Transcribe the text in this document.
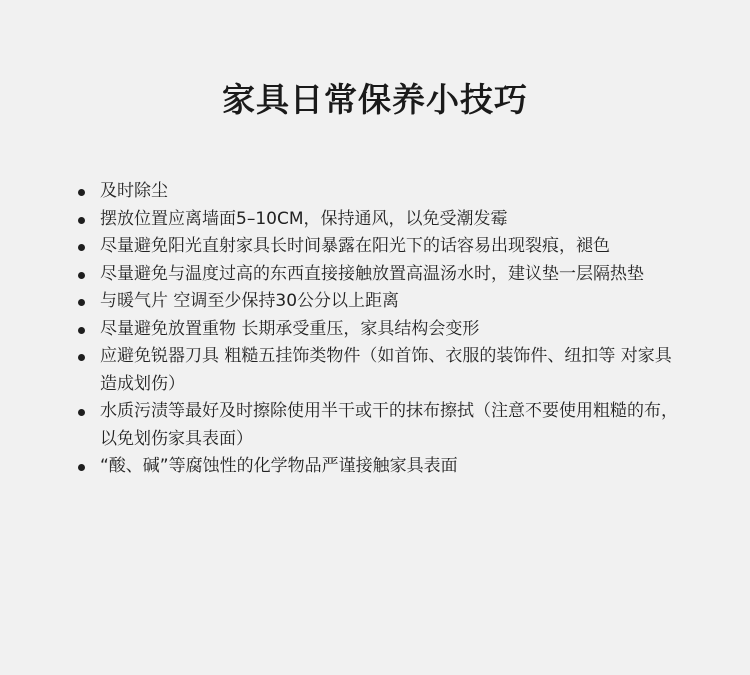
家具日常保养小技巧
及时除尘
摆放位置应离墙面5–10CM，保持通风，以免受潮发霉
尽量避免阳光直射家具长时间暴露在阳光下的话容易出现裂痕，褪色
尽量避免与温度过高的东西直接接触放置高温汤水时，建议垫一层隔热垫
与暖气片 空调至少保持30公分以上距离
尽量避免放置重物 长期承受重压，家具结构会变形
应避免锐器刀具 粗糙五挂饰类物件（如首饰、衣服的装饰件、纽扣等 对家具造成划伤）
水质污渍等最好及时擦除使用半干或干的抹布擦拭（注意不要使用粗糙的布，以免划伤家具表面）
“酸、碱”等腐蚀性的化学物品严谨接触家具表面
